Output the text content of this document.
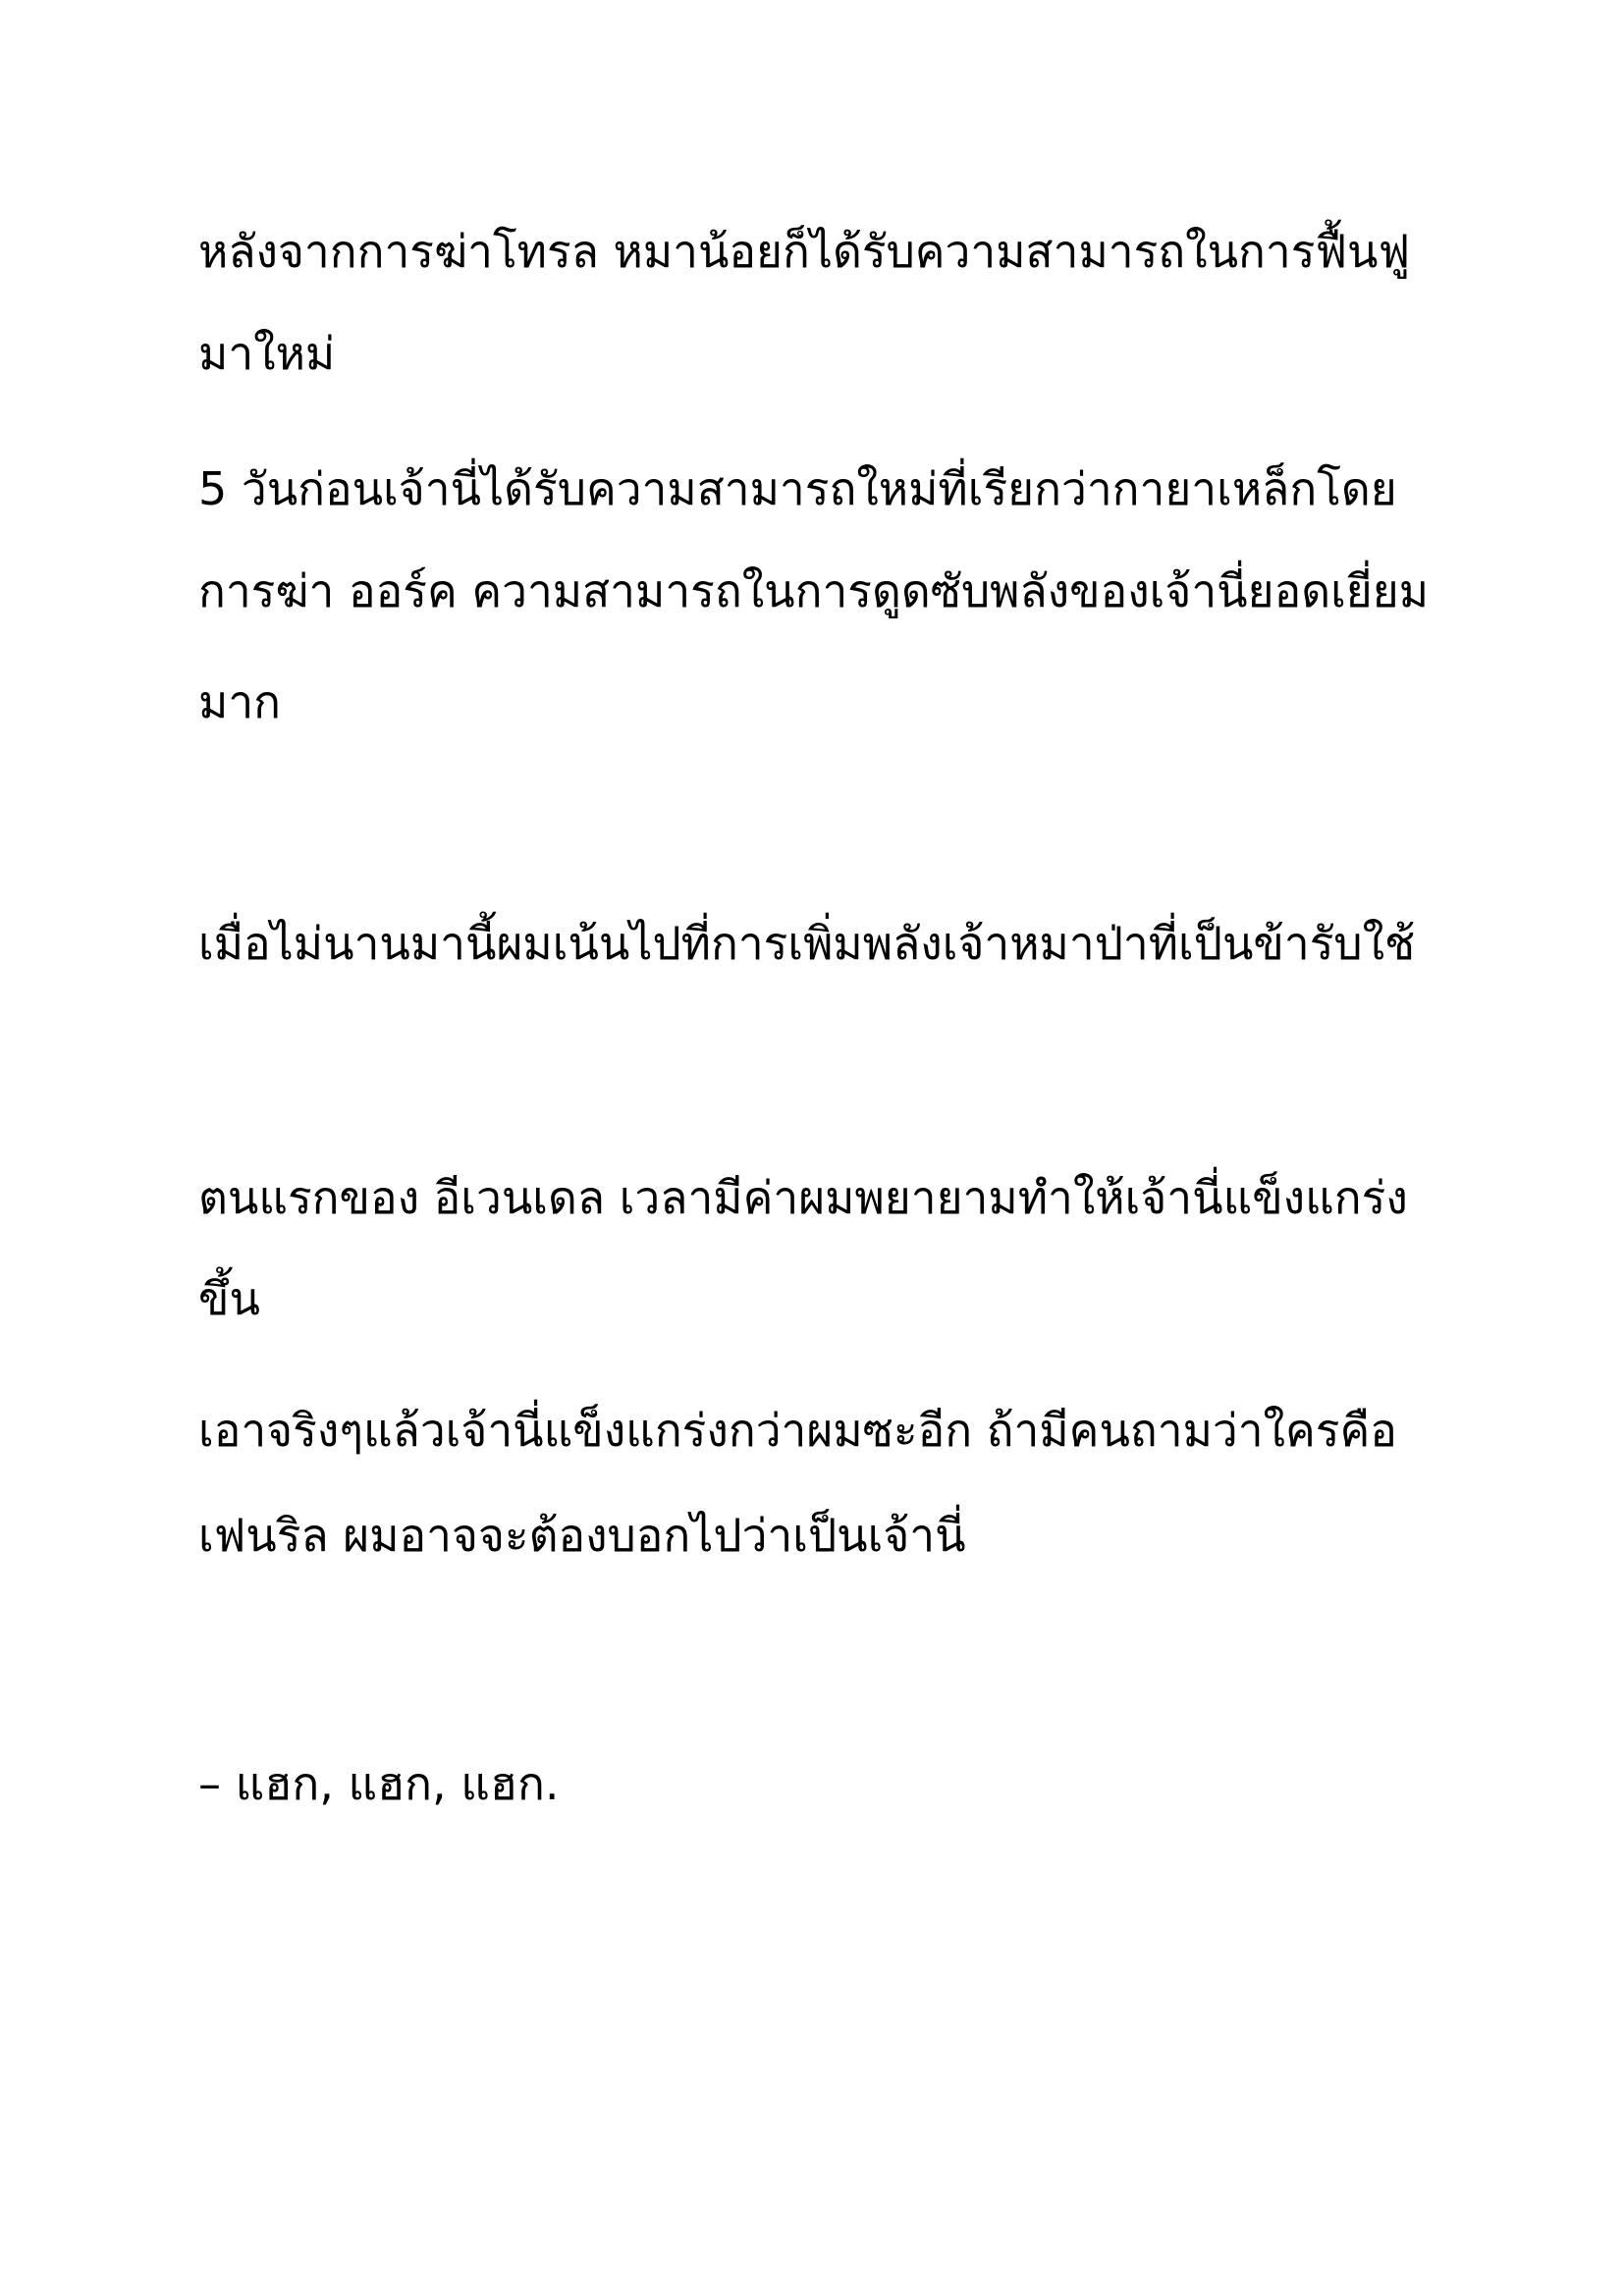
หลังจากการฆ่าโทรล หมาน้อยก็ได้รับความสามารถในการฟื้นฟู

มาใหม่

5 วันก่อนเจ้านี่ได้รับความสามารถใหม่ที่เรียกว่ากายาเหล็กโดย

การฆ่า ออร์ค ความสามารถในการดูดซับพลังของเจ้านี่ยอดเยี่ยม

มาก

เมื่อไม่นานมานี้ผมเน้นไปที่การเพิ่มพลังเจ้าหมาป่าที่เป็นข้ารับใช้

ตนแรกของ อีเวนเดล เวลามีค่าผมพยายามทำให้เจ้านี่แข็งแกร่ง

ขึ้น

เอาจริงๆแล้วเจ้านี่แข็งแกร่งกว่าผมซะอีก ถ้ามีคนถามว่าใครคือ

เฟนริล ผมอาจจะต้องบอกไปว่าเป็นเจ้านี่

– แฮก, แฮก, แฮก.
